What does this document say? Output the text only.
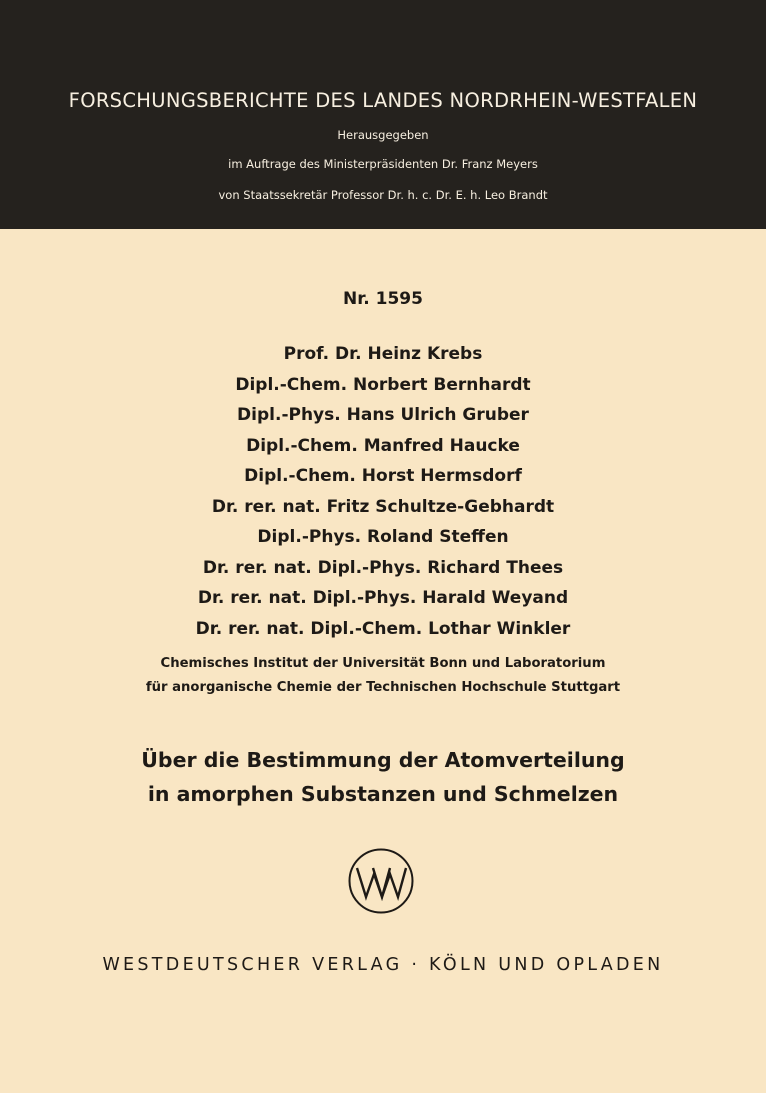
FORSCHUNGSBERICHTE DES LANDES NORDRHEIN-WESTFALEN
Herausgegeben
im Auftrage des Ministerpräsidenten Dr. Franz Meyers
von Staatssekretär Professor Dr. h. c. Dr. E. h. Leo Brandt
Nr. 1595
Prof. Dr. Heinz Krebs
Dipl.-Chem. Norbert Bernhardt
Dipl.-Phys. Hans Ulrich Gruber
Dipl.-Chem. Manfred Haucke
Dipl.-Chem. Horst Hermsdorf
Dr. rer. nat. Fritz Schultze-Gebhardt
Dipl.-Phys. Roland Steffen
Dr. rer. nat. Dipl.-Phys. Richard Thees
Dr. rer. nat. Dipl.-Phys. Harald Weyand
Dr. rer. nat. Dipl.-Chem. Lothar Winkler
Chemisches Institut der Universität Bonn und Laboratorium
für anorganische Chemie der Technischen Hochschule Stuttgart
Über die Bestimmung der Atomverteilung
in amorphen Substanzen und Schmelzen
WESTDEUTSCHER VERLAG · KÖLN UND OPLADEN
